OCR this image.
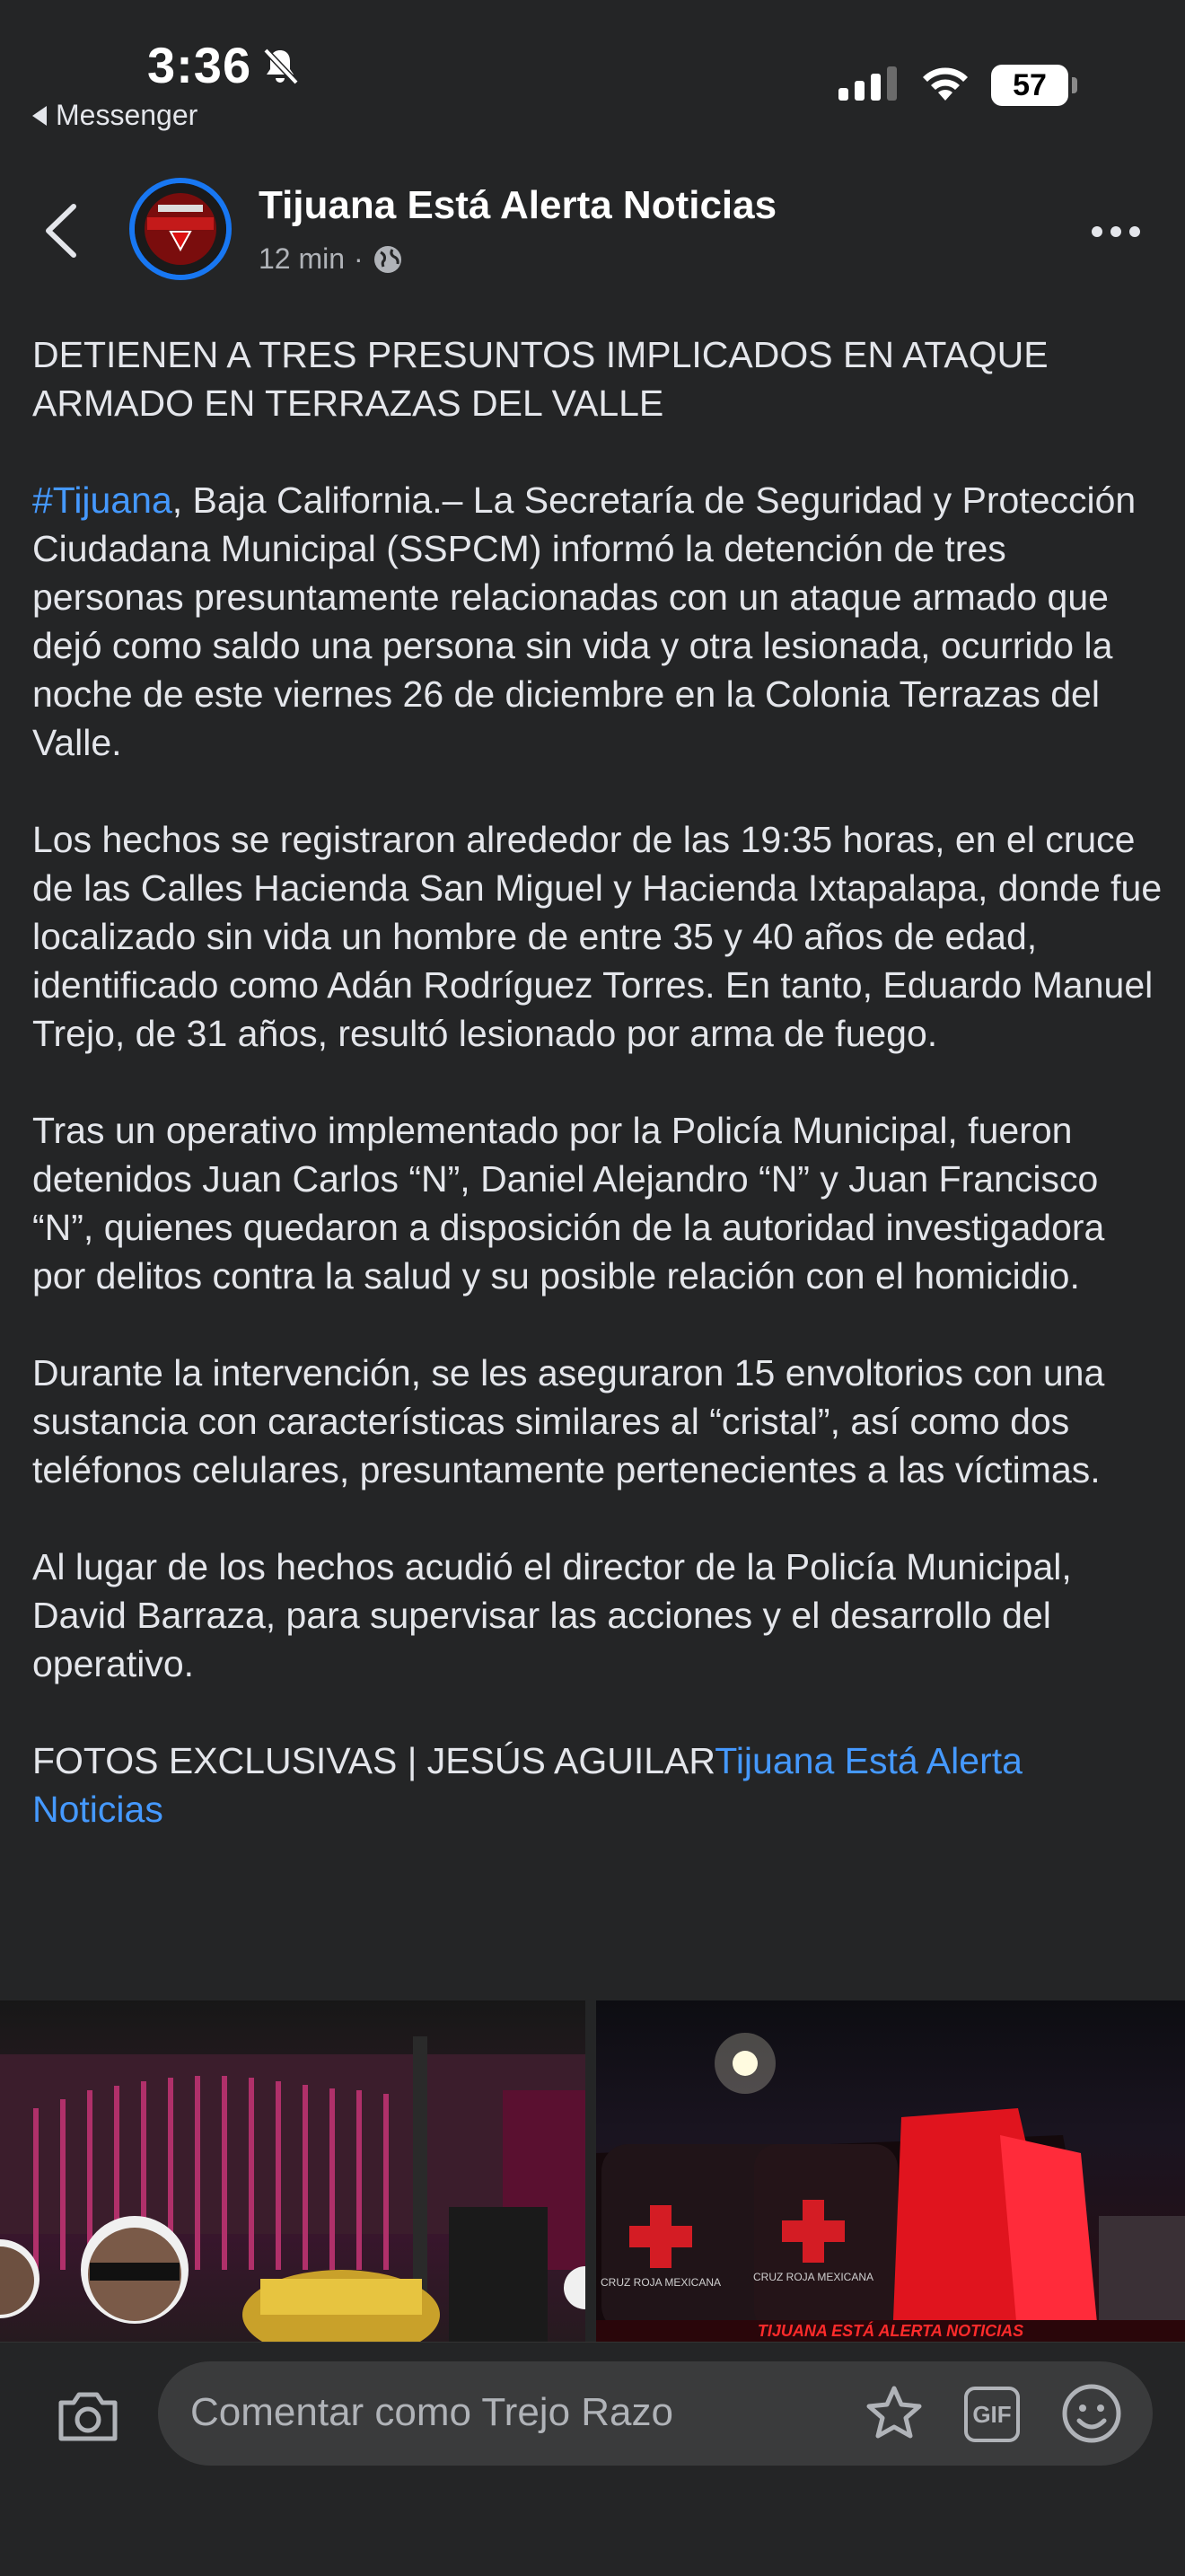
3:36
Messenger
57
Tijuana Está Alerta Noticias
12 min ·

DETIENEN A TRES PRESUNTOS IMPLICADOS EN ATAQUE ARMADO EN TERRAZAS DEL VALLE

#Tijuana, Baja California.– La Secretaría de Seguridad y Protección Ciudadana Municipal (SSPCM) informó la detención de tres personas presuntamente relacionadas con un ataque armado que dejó como saldo una persona sin vida y otra lesionada, ocurrido la noche de este viernes 26 de diciembre en la Colonia Terrazas del Valle.

Los hechos se registraron alrededor de las 19:35 horas, en el cruce de las Calles Hacienda San Miguel y Hacienda Ixtapalapa, donde fue localizado sin vida un hombre de entre 35 y 40 años de edad, identificado como Adán Rodríguez Torres. En tanto, Eduardo Manuel Trejo, de 31 años, resultó lesionado por arma de fuego.

Tras un operativo implementado por la Policía Municipal, fueron detenidos Juan Carlos “N”, Daniel Alejandro “N” y Juan Francisco “N”, quienes quedaron a disposición de la autoridad investigadora por delitos contra la salud y su posible relación con el homicidio.

Durante la intervención, se les aseguraron 15 envoltorios con una sustancia con características similares al “cristal”, así como dos teléfonos celulares, presuntamente pertenecientes a las víctimas.

Al lugar de los hechos acudió el director de la Policía Municipal, David Barraza, para supervisar las acciones y el desarrollo del operativo.

FOTOS EXCLUSIVAS | JESÚS AGUILARTijuana Está Alerta Noticias

CRUZ ROJA MEXICANA	CRUZ ROJA MEXICANA
TIJUANA ESTÁ ALERTA NOTICIAS
Comentar como Trejo Razo	GIF
